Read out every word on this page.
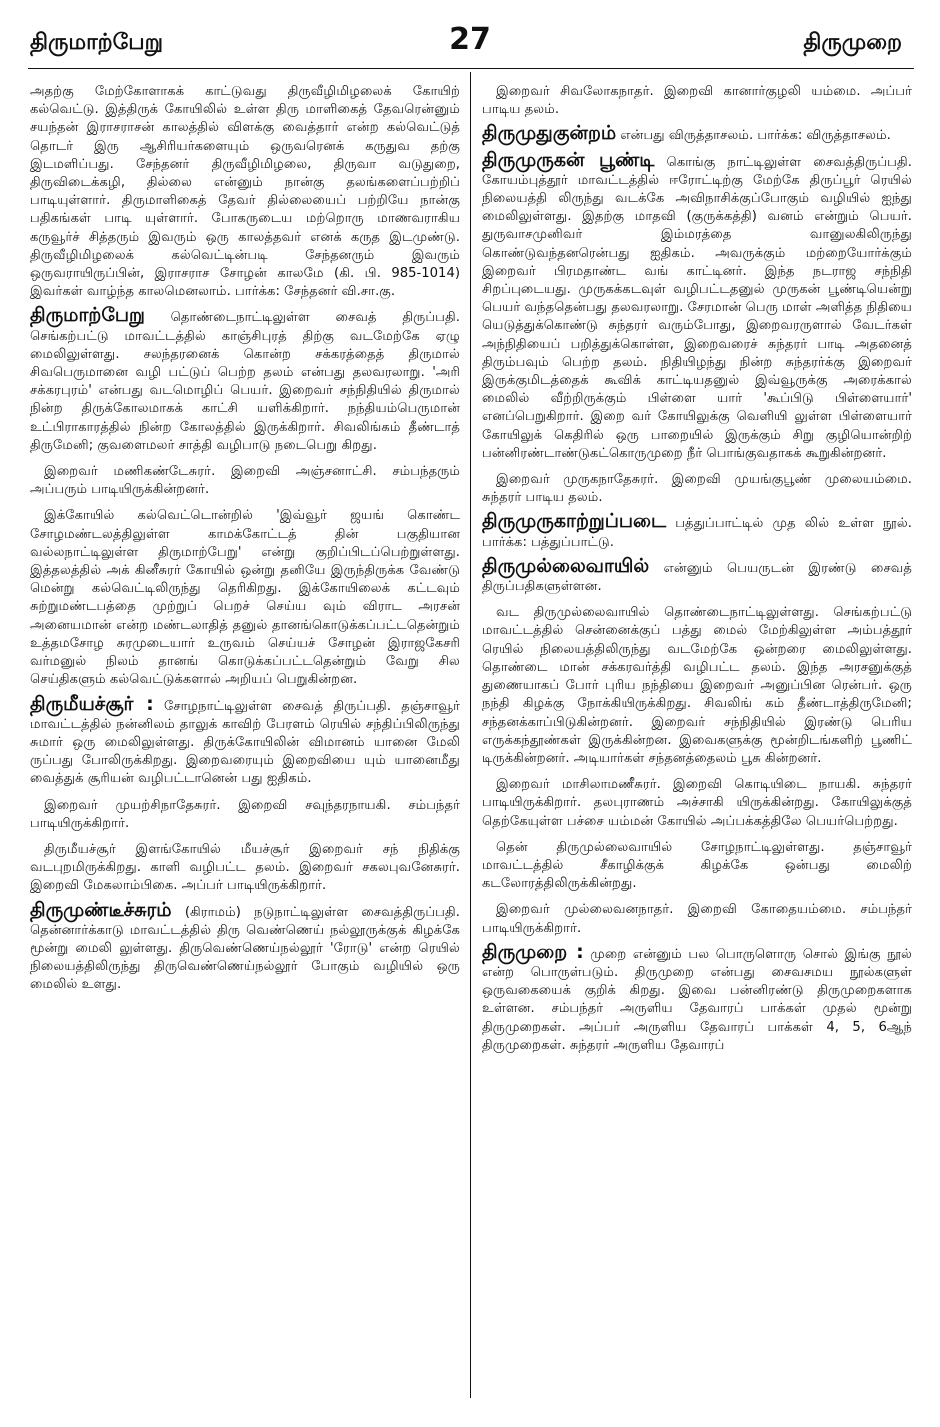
திருமாற்பேறு	27	திருமுறை

அதற்கு மேற்கோளாகக் காட்டுவது திருவீழிமிழலைக் கோயிற் கல்வெட்டு. இத்திருக் கோயிலில் உள்ள திரு மாளிகைத் தேவரென்னும் சயந்தன் இராசராசன் காலத்தில் விளக்கு வைத்தார் என்ற கல்வெட்டுத் தொடர் இரு ஆசிரியர்களையும் ஒருவரெனக் கருதுவ தற்கு இடமளிப்பது. சேந்தனர் திருவீழிமிழலை, திருவா வடுதுறை, திருவிடைக்கழி, தில்லை என்னும் நான்கு தலங்களைப்பற்றிப் பாடியுள்ளார். திருமாளிகைத் தேவர் தில்லையைப் பற்றியே நான்கு பதிகங்கள் பாடி யுள்ளார். போகருடைய மற்றொரு மாணவராகிய கருவூர்ச் சித்தரும் இவரும் ஒரு காலத்தவர் எனக் கருத இடமுண்டு. திருவீழிமிழலைக் கல்வெட்டின்படி சேந்தனரும் இவரும் ஒருவராயிருப்பின், இராசராச சோழன் காலமே (கி. பி. 985-1014) இவர்கள் வாழ்ந்த காலமெனலாம். பார்க்க: சேந்தனர் வி.சா.கு.

திருமாற்பேறு தொண்டைநாட்டிலுள்ள சைவத் திருப்பதி. செங்கற்பட்டு மாவட்டத்தில் காஞ்சிபுரத் திற்கு வடமேற்கே ஏழு மைலிலுள்ளது. சலந்தரனைக் கொன்ற சக்கரத்தைத் திருமால் சிவபெருமானை வழி பட்டுப் பெற்ற தலம் என்பது தலவரலாறு. 'அரி சக்கரபுரம்' என்பது வடமொழிப் பெயர். இறைவர் சந்நிதியில் திருமால் நின்ற திருக்கோலமாகக் காட்சி யளிக்கிறார். நந்தியம்பெருமான் உட்பிராகாரத்தில் நின்ற கோலத்தில் இருக்கிறார். சிவலிங்கம் தீண்டாத் திருமேனி; குவளைமலர் சாத்தி வழிபாடு நடைபெறு கிறது.

இறைவர் மணிகண்டேசுரர். இறைவி அஞ்சனாட்சி. சம்பந்தரும் அப்பரும் பாடியிருக்கின்றனர்.

இக்கோயில் கல்வெட்டொன்றில் 'இவ்வூர் ஜயங் கொண்ட சோழமண்டலத்திலுள்ள காமக்கோட்டத் தின் பகுதியான வல்லநாட்டிலுள்ள திருமாற்பேறு' என்று குறிப்பிடப்பெற்றுள்ளது. இத்தலத்தில் அக் கினீசுரர் கோயில் ஒன்று தனியே இருந்திருக்க வேண்டு மென்று கல்வெட்டிலிருந்து தெரிகிறது. இக்கோயிலைக் கட்டவும் சுற்றுமண்டபத்தை முற்றுப் பெறச் செய்ய வும் விராட அரசன் அனையமான் என்ற மண்டலாதித் தனுல் தானங்கொடுக்கப்பட்டதென்றும் உத்தமசோழ சுரமுடையார் உருவம் செய்யச் சோழன் இராஜகேசரி வர்மனுல் நிலம் தானங் கொடுக்கப்பட்டதென்றும் வேறு சில செய்திகளும் கல்வெட்டுக்களால் அறியப் பெறுகின்றன.

திருமீயச்சூர் : சோழநாட்டிலுள்ள சைவத் திருப்பதி. தஞ்சாவூர் மாவட்டத்தில் நன்னிலம் தாலுக் காவிற் பேரளம் ரெயில் சந்திப்பிலிருந்து சுமார் ஒரு மைலிலுள்ளது. திருக்கோயிலின் விமானம் யானை மேலி ருப்பது போலிருக்கிறது. இறைவரையும் இறைவியை யும் யானைமீது வைத்துக் சூரியன் வழிபட்டானென் பது ஐதிகம்.

இறைவர் முயற்சிநாதேசுரர். இறைவி சவுந்தரநாயகி. சம்பந்தர் பாடியிருக்கிறார்.

திருமீயச்சூர் இளங்கோயில் மீயச்சூர் இறைவர் சந் நிதிக்கு வடபுறமிருக்கிறது. காளி வழிபட்ட தலம். இறைவர் சகலபுவனேசுரர். இறைவி மேகலாம்பிகை. அப்பர் பாடியிருக்கிறார்.

திருமுண்டீச்சுரம் (கிராமம்) நடுநாட்டிலுள்ள சைவத்திருப்பதி. தென்னார்க்காடு மாவட்டத்தில் திரு வெண்ணெய் நல்லூருக்குக் கிழக்கே மூன்று மைலி லுள்ளது. திருவெண்ணெய்நல்லூர் 'ரோடு' என்ற ரெயில் நிலையத்திலிருந்து திருவெண்ணெய்நல்லூர் போகும் வழியில் ஒரு மைலில் உளது.

இறைவர் சிவலோகநாதர். இறைவி கானார்குழலி யம்மை. அப்பர் பாடிய தலம்.

திருமுதுகுன்றம் என்பது விருத்தாசலம். பார்க்க: விருத்தாசலம்.

திருமுருகன் பூண்டி கொங்கு நாட்டிலுள்ள சைவத்திருப்பதி. கோயம்புத்தூர் மாவட்டத்தில் ஈரோட்டிற்கு மேற்கே திருப்பூர் ரெயில் நிலையத்தி லிருந்து வடக்கே அவிநாசிக்குப்போகும் வழியில் ஐந்து மைலிலுள்ளது. இதற்கு மாதவி (குருக்கத்தி) வனம் என்றும் பெயர். துருவாசமுனிவர் இம்மரத்தை வானுலகிலிருந்து கொண்டுவந்தனரென்பது ஐதிகம். அவருக்கும் மற்றையோர்க்கும் இறைவர் பிரமதாண்ட வங் காட்டினர். இந்த நடராஜ சந்நிதி சிறப்புடையது. முருகக்கடவுள் வழிபட்டதனுல் முருகன் பூண்டியென்று பெயர் வந்ததென்பது தலவரலாறு. சேரமான் பெரு மாள் அளித்த நிதியை யெடுத்துக்கொண்டு சுந்தரர் வரும்போது, இறைவரருளால் வேடர்கள் அந்நிதியைப் பறித்துக்கொள்ள, இறைவரைச் சுந்தரர் பாடி அதனைத் திரும்பவும் பெற்ற தலம். நிதியிழந்து நின்ற சுந்தரர்க்கு இறைவர் இருக்குமிடத்தைக் கூவிக் காட்டியதனுல் இவ்வூருக்கு அரைக்கால் மைலில் வீற்றிருக்கும் பிள்ளை யார் 'கூப்பிடு பிள்ளையார்' எனப்பெறுகிறார். இறை வர் கோயிலுக்கு வெளியி லுள்ள பிள்ளையார் கோயிலுக் கெதிரில் ஒரு பாறையில் இருக்கும் சிறு குழியொன்றிற் பன்னிரண்டாண்டுகட்கொருமுறை நீர் பொங்குவதாகக் கூறுகின்றனர்.

இறைவர் முருகநாதேசுரர். இறைவி முயங்குபூண் முலையம்மை. சுந்தரர் பாடிய தலம்.

திருமுருகாற்றுப்படை பத்துப்பாட்டில் முத லில் உள்ள நூல். பார்க்க: பத்துப்பாட்டு.

திருமுல்லைவாயில் என்னும் பெயருடன் இரண்டு சைவத் திருப்பதிகளுள்ளன.

வட திருமுல்லைவாயில் தொண்டைநாட்டிலுள்ளது. செங்கற்பட்டு மாவட்டத்தில் சென்னைக்குப் பத்து மைல் மேற்கிலுள்ள அம்பத்தூர் ரெயில் நிலையத்திலிருந்து வடமேற்கே ஒன்றரை மைலிலுள்ளது. தொண்டை மான் சக்கரவர்த்தி வழிபட்ட தலம். இந்த அரசனுக்குத் துணையாகப் போர் புரிய நந்தியை இறைவர் அனுப்பின ரென்பர். ஒரு நந்தி கிழக்கு நோக்கியிருக்கிறது. சிவலிங் கம் தீண்டாத்திருமேனி; சந்தனக்காப்பிடுகின்றனர். இறைவர் சந்நிதியில் இரண்டு பெரிய எருக்கந்தூண்கள் இருக்கின்றன. இவைகளுக்கு மூன்றிடங்களிற் பூணிட் டிருக்கின்றனர். அடியார்கள் சந்தனத்தைலம் பூசு கின்றனர்.

இறைவர் மாசிலாமணீசுரர். இறைவி கொடியிடை நாயகி. சுந்தரர் பாடியிருக்கிறார். தலபுராணம் அச்சாகி யிருக்கின்றது. கோயிலுக்குத் தெற்கேயுள்ள பச்சை யம்மன் கோயில் அப்பக்கத்திலே பெயர்பெற்றது.

தென் திருமுல்லைவாயில் சோழநாட்டிலுள்ளது. தஞ்சாவூர் மாவட்டத்தில் சீகாழிக்குக் கிழக்கே ஒன்பது மைலிற் கடலோரத்திலிருக்கின்றது.

இறைவர் முல்லைவனநாதர். இறைவி கோதையம்மை. சம்பந்தர் பாடியிருக்கிறார்.

திருமுறை : முறை என்னும் பல பொருளொரு சொல் இங்கு நூல் என்ற பொருள்படும். திருமுறை என்பது சைவசமய நூல்களுள் ஒருவகையைக் குறிக் கிறது. இவை பன்னிரண்டு திருமுறைகளாக உள்ளன. சம்பந்தர் அருளிய தேவாரப் பாக்கள் முதல் மூன்று திருமுறைகள். அப்பர் அருளிய தேவாரப் பாக்கள் 4, 5, 6ஆந் திருமுறைகள். சுந்தரர் அருளிய தேவாரப்
